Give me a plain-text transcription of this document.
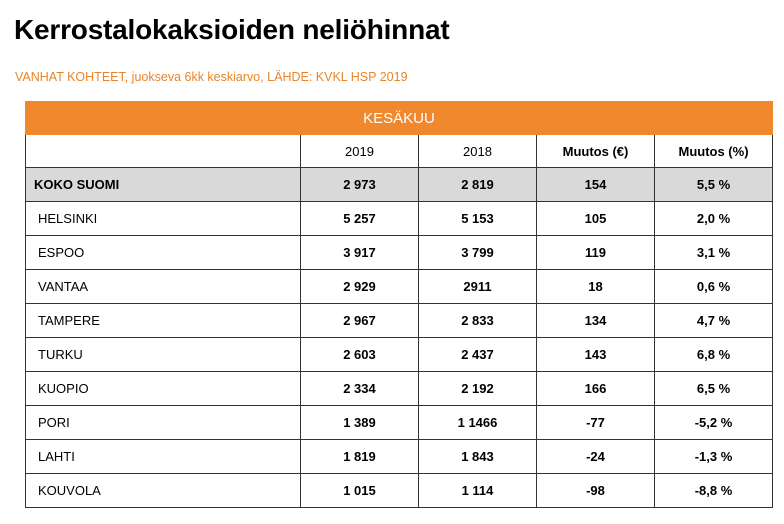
Kerrostalokaksioiden neliöhinnat
VANHAT KOHTEET, juokseva 6kk keskiarvo, LÄHDE: KVKL HSP 2019
KESÄKUU				
	2019	2018	Muutos (€)	Muutos (%)
KOKO SUOMI	2 973	2 819	154	5,5 %
HELSINKI	5 257	5 153	105	2,0 %
ESPOO	3 917	3 799	119	3,1 %
VANTAA	2 929	2911	18	0,6 %
TAMPERE	2 967	2 833	134	4,7 %
TURKU	2 603	2 437	143	6,8 %
KUOPIO	2 334	2 192	166	6,5 %
PORI	1 389	1 1466	-77	-5,2 %
LAHTI	1 819	1 843	-24	-1,3 %
KOUVOLA	1 015	1 114	-98	-8,8 %
